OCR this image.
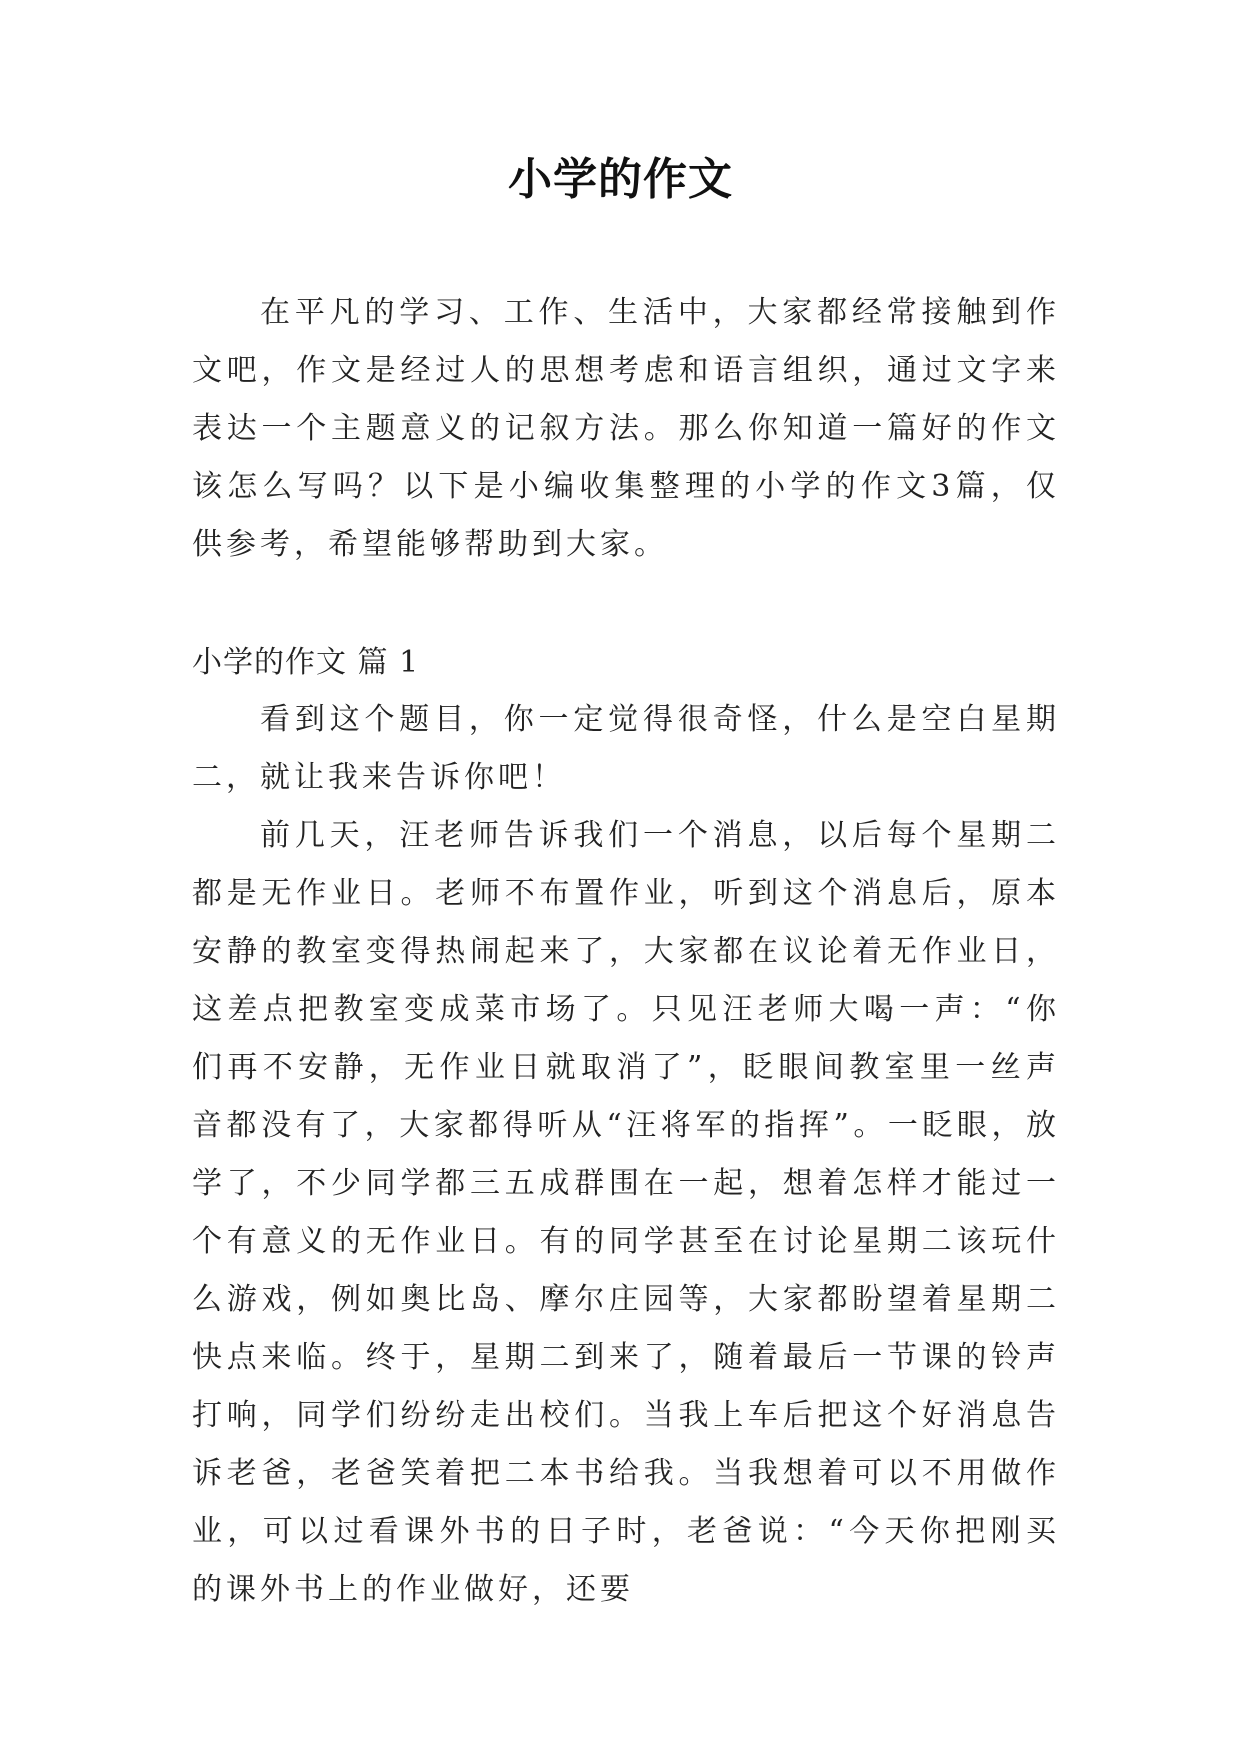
小学的作文

在平凡的学习、工作、生活中，大家都经常接触到作文吧，作文是经过人的思想考虑和语言组织，通过文字来表达一个主题意义的记叙方法。那么你知道一篇好的作文该怎么写吗？以下是小编收集整理的小学的作文3篇，仅供参考，希望能够帮助到大家。

小学的作文 篇 1

看到这个题目，你一定觉得很奇怪，什么是空白星期二，就让我来告诉你吧！

前几天，汪老师告诉我们一个消息，以后每个星期二都是无作业日。老师不布置作业，听到这个消息后，原本安静的教室变得热闹起来了，大家都在议论着无作业日，这差点把教室变成菜市场了。只见汪老师大喝一声：“你们再不安静，无作业日就取消了”，眨眼间教室里一丝声音都没有了，大家都得听从“汪将军的指挥”。一眨眼，放学了，不少同学都三五成群围在一起，想着怎样才能过一个有意义的无作业日。有的同学甚至在讨论星期二该玩什么游戏，例如奥比岛、摩尔庄园等，大家都盼望着星期二快点来临。终于，星期二到来了，随着最后一节课的铃声打响，同学们纷纷走出校们。当我上车后把这个好消息告诉老爸，老爸笑着把二本书给我。当我想着可以不用做作业，可以过看课外书的日子时，老爸说：“今天你把刚买的课外书上的作业做好，还要
